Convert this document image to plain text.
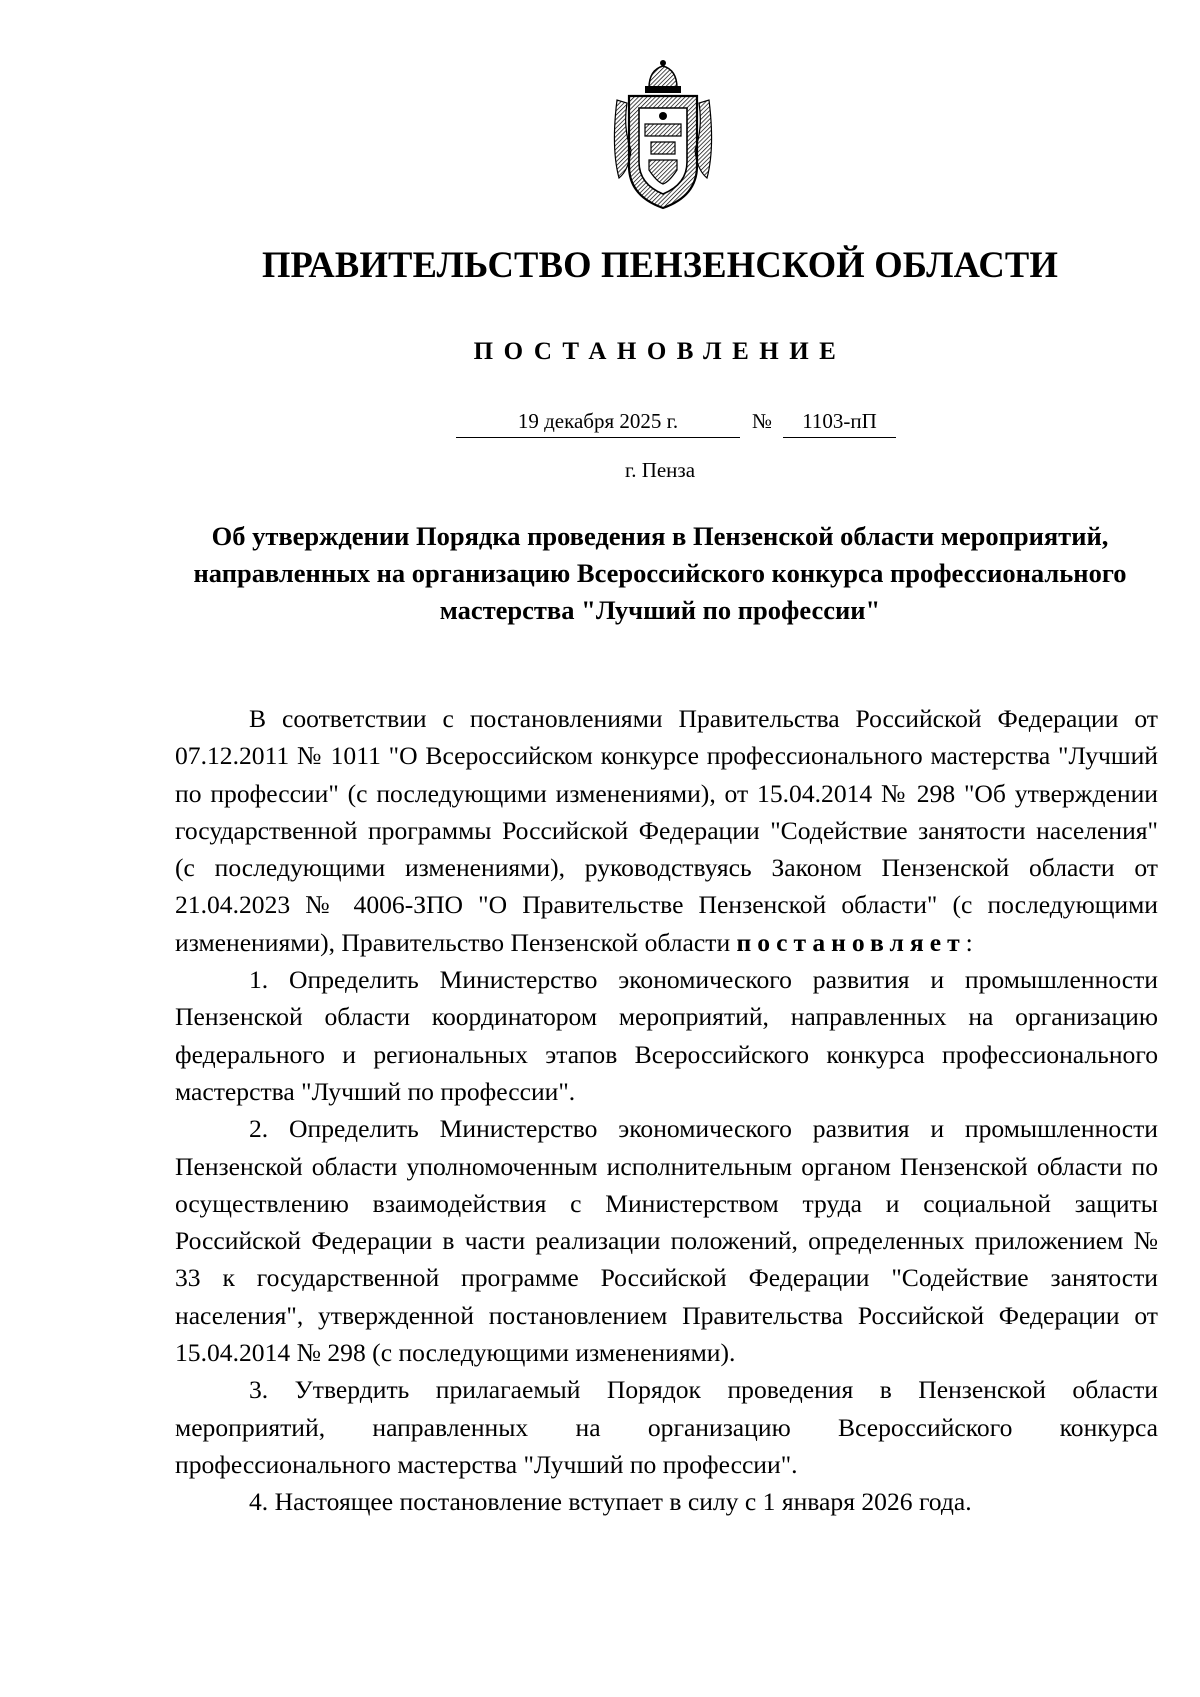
ПРАВИТЕЛЬСТВО ПЕНЗЕНСКОЙ ОБЛАСТИ
ПОСТАНОВЛЕНИЕ
19 декабря 2025 г.	№	1103-пП
г. Пенза
Об утверждении Порядка проведения в Пензенской области мероприятий, направленных на организацию Всероссийского конкурса профессионального мастерства "Лучший по профессии"

В соответствии с постановлениями Правительства Российской Федерации от 07.12.2011 № 1011 "О Всероссийском конкурсе профессионального мастерства "Лучший по профессии" (с последующими изменениями), от 15.04.2014 № 298 "Об утверждении государственной программы Российской Федерации "Содействие занятости населения" (с последующими изменениями), руководствуясь Законом Пензенской области от 21.04.2023 № 4006-ЗПО "О Правительстве Пензенской области" (с последующими изменениями), Правительство Пензенской области постановляет:

1. Определить Министерство экономического развития и промышленности Пензенской области координатором мероприятий, направленных на организацию федерального и региональных этапов Всероссийского конкурса профессионального мастерства "Лучший по профессии".

2. Определить Министерство экономического развития и промышленности Пензенской области уполномоченным исполнительным органом Пензенской области по осуществлению взаимодействия с Министерством труда и социальной защиты Российской Федерации в части реализации положений, определенных приложением № 33 к государственной программе Российской Федерации "Содействие занятости населения", утвержденной постановлением Правительства Российской Федерации от 15.04.2014 № 298 (с последующими изменениями).

3. Утвердить прилагаемый Порядок проведения в Пензенской области мероприятий, направленных на организацию Всероссийского конкурса профессионального мастерства "Лучший по профессии".

4. Настоящее постановление вступает в силу с 1 января 2026 года.
